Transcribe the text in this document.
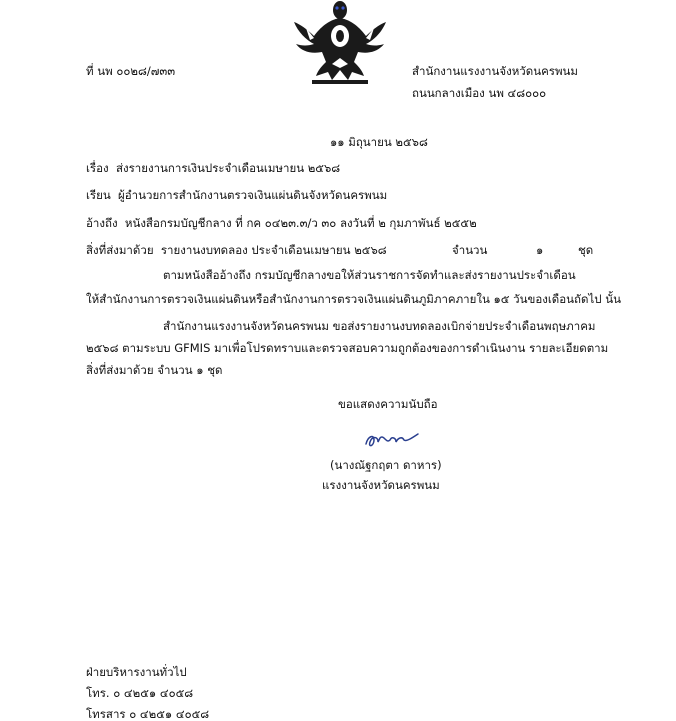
ที่ นพ ๐๐๒๘/๗๓๓	สำนักงานแรงงานจังหวัดนครพนม
ถนนกลางเมือง นพ ๔๘๐๐๐
๑๑ มิถุนายน ๒๕๖๘
เรื่อง ส่งรายงานการเงินประจำเดือนเมษายน ๒๕๖๘
เรียน ผู้อำนวยการสำนักงานตรวจเงินแผ่นดินจังหวัดนครพนม
อ้างถึง หนังสือกรมบัญชีกลาง ที่ กค ๐๔๒๓.๓/ว ๓๐ ลงวันที่ ๒ กุมภาพันธ์ ๒๕๕๒
สิ่งที่ส่งมาด้วย รายงานงบทดลอง ประจำเดือนเมษายน ๒๕๖๘	จำนวน	๑	ชุด
ตามหนังสืออ้างถึง กรมบัญชีกลางขอให้ส่วนราชการจัดทำและส่งรายงานประจำเดือน
ให้สำนักงานการตรวจเงินแผ่นดินหรือสำนักงานการตรวจเงินแผ่นดินภูมิภาคภายใน ๑๕ วันของเดือนถัดไป นั้น
สำนักงานแรงงานจังหวัดนครพนม ขอส่งรายงานงบทดลองเบิกจ่ายประจำเดือนพฤษภาคม
๒๕๖๘ ตามระบบ GFMIS มาเพื่อโปรดทราบและตรวจสอบความถูกต้องของการดำเนินงาน รายละเอียดตาม
สิ่งที่ส่งมาด้วย จำนวน ๑ ชุด
ขอแสดงความนับถือ
(นางณัฐกฤตา ดาหาร)
แรงงานจังหวัดนครพนม
ฝ่ายบริหารงานทั่วไป
โทร. ๐ ๔๒๕๑ ๔๐๕๘
โทรสาร ๐ ๔๒๕๑ ๔๐๕๘
